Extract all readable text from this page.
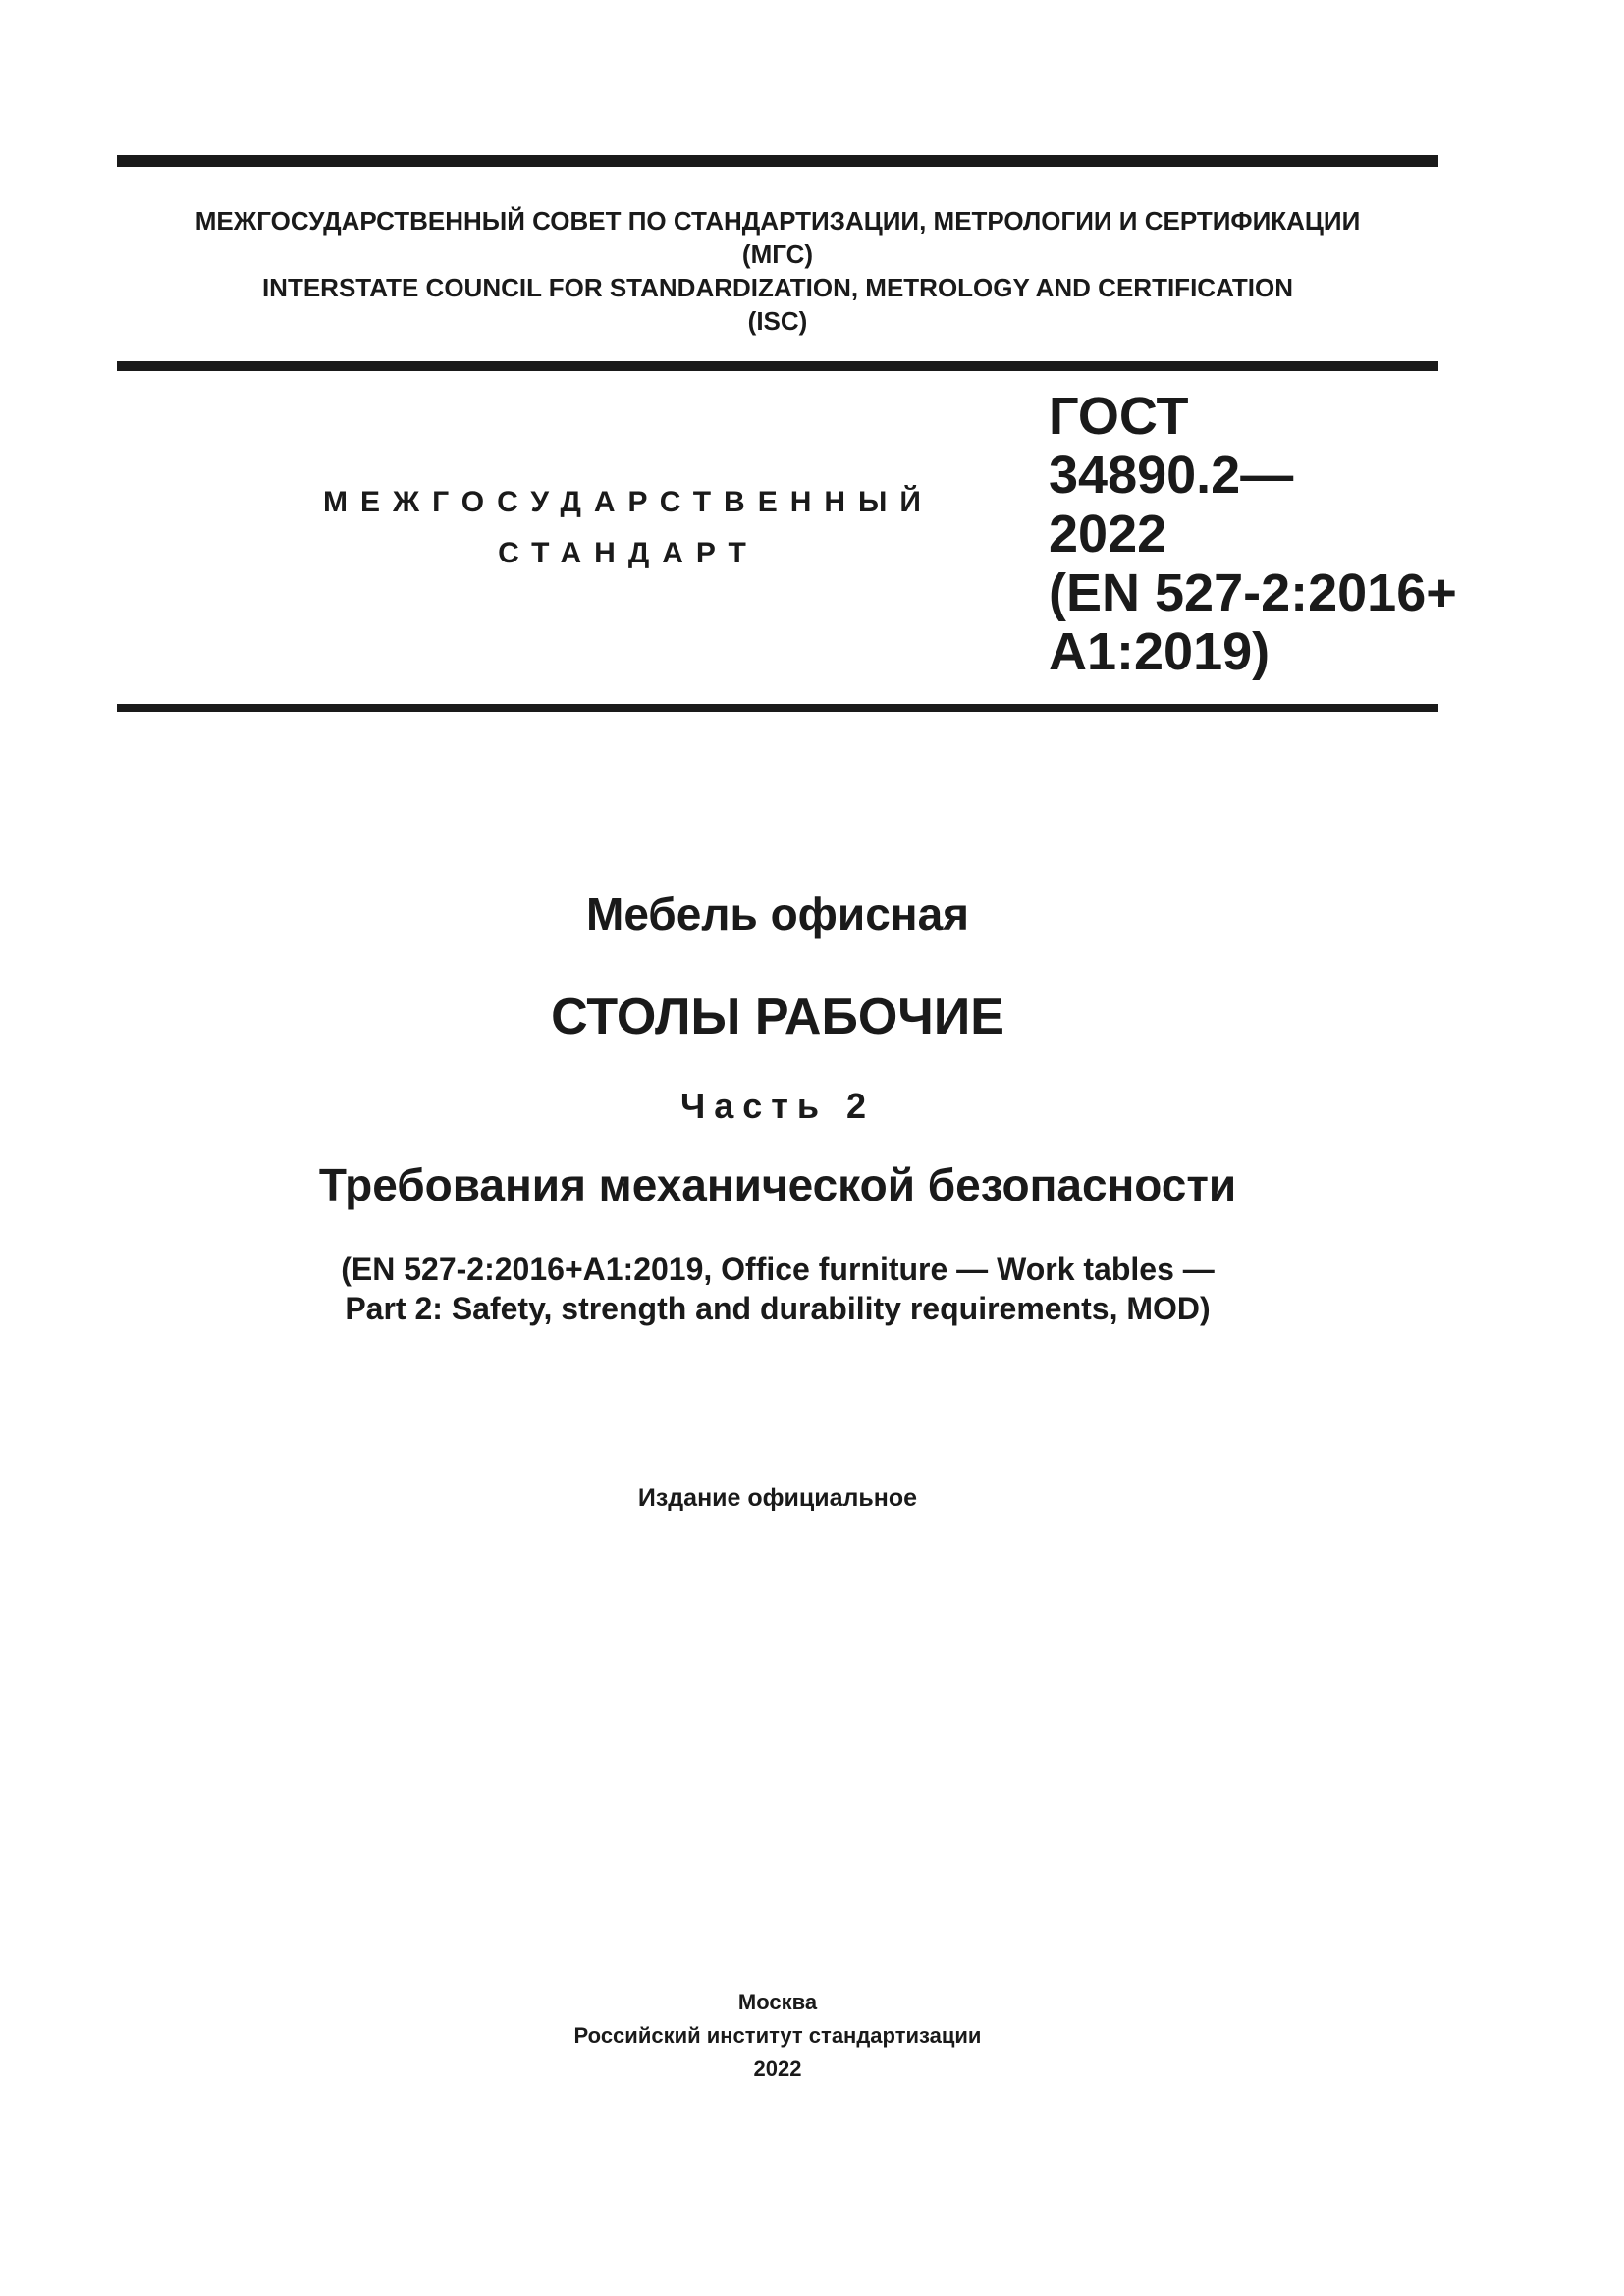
МЕЖГОСУДАРСТВЕННЫЙ СОВЕТ ПО СТАНДАРТИЗАЦИИ, МЕТРОЛОГИИ И СЕРТИФИКАЦИИ
(МГС)
INTERSTATE COUNCIL FOR STANDARDIZATION, METROLOGY AND CERTIFICATION
(ISC)
МЕЖГОСУДАРСТВЕННЫЙ
СТАНДАРТ
ГОСТ
34890.2—
2022
(EN 527-2:2016+
A1:2019)
Мебель офисная
СТОЛЫ РАБОЧИЕ
Часть 2
Требования механической безопасности
(EN 527-2:2016+A1:2019, Office furniture — Work tables —
Part 2: Safety, strength and durability requirements, MOD)
Издание официальное
Москва
Российский институт стандартизации
2022
